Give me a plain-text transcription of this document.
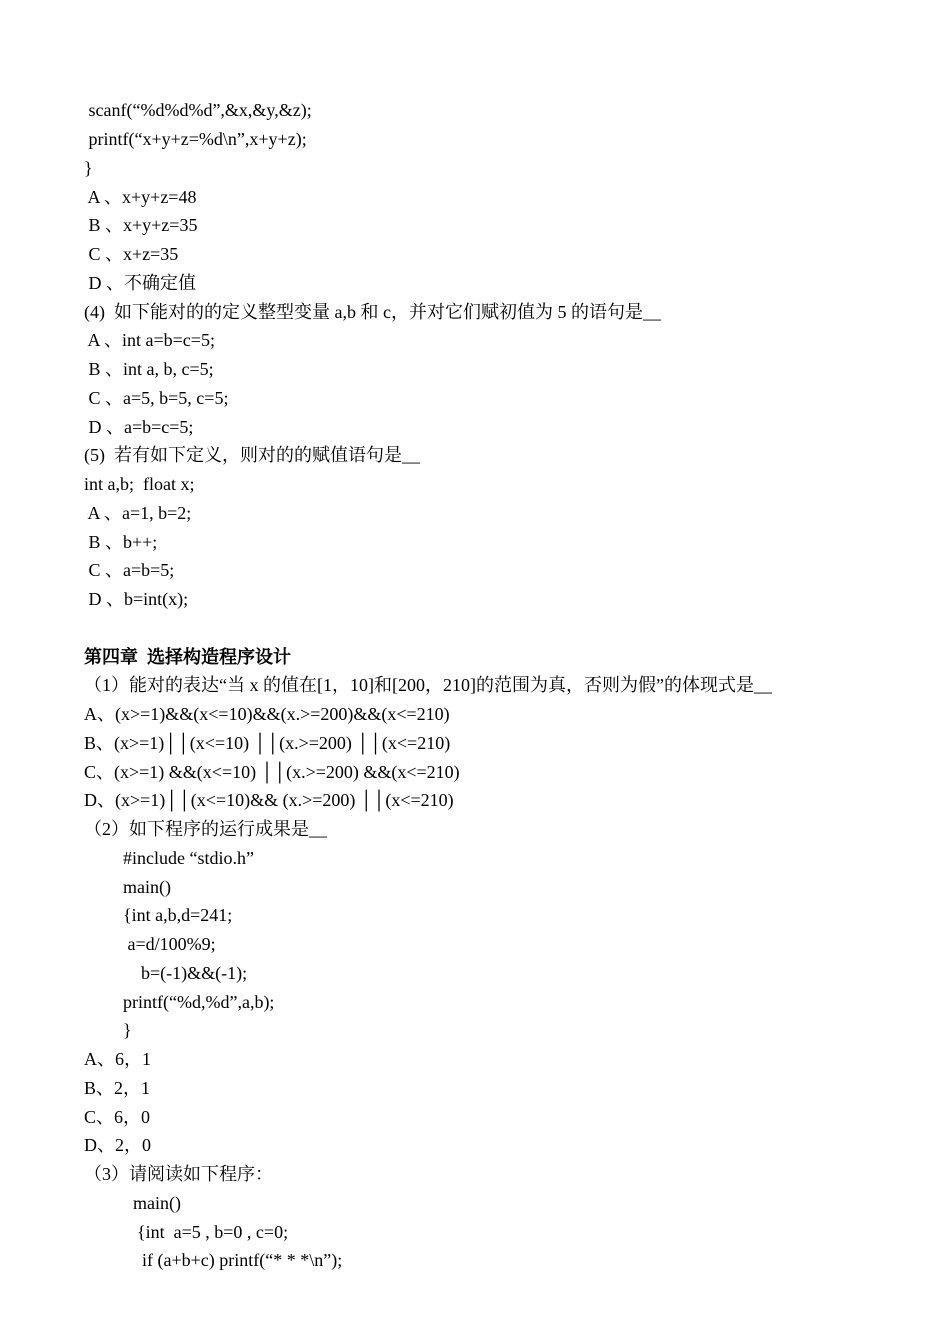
scanf(“%d%d%d”,&x,&y,&z);
printf(“x+y+z=%d\n”,x+y+z);
}
A 、x+y+z=48
B 、x+y+z=35
C 、x+z=35
D 、不确定值
(4)  如下能对的的定义整型变量 a,b 和 c，并对它们赋初值为 5 的语句是__
A 、int a=b=c=5;
B 、int a, b, c=5;
C 、a=5, b=5, c=5;
D 、a=b=c=5;
(5)  若有如下定义，则对的的赋值语句是__
int a,b;  float x;
A 、a=1, b=2;
B 、b++;
C 、a=b=5;
D 、b=int(x);
第四章  选择构造程序设计
（1）能对的表达“当 x 的值在[1，10]和[200，210]的范围为真，否则为假”的体现式是__
A、(x>=1)&&(x<=10)&&(x.>=200)&&(x<=210)
B、(x>=1)││(x<=10) ││(x.>=200) ││(x<=210)
C、(x>=1) &&(x<=10) ││(x.>=200) &&(x<=210)
D、(x>=1)││(x<=10)&& (x.>=200) ││(x<=210)
（2）如下程序的运行成果是__
#include “stdio.h”
main()
{int a,b,d=241;
a=d/100%9;
b=(-1)&&(-1);
printf(“%d,%d”,a,b);
}
A、6，1
B、2，1
C、6，0
D、2，0
（3）请阅读如下程序：
main()
{int  a=5 , b=0 , c=0;
if (a+b+c) printf(“* * *\n”);
